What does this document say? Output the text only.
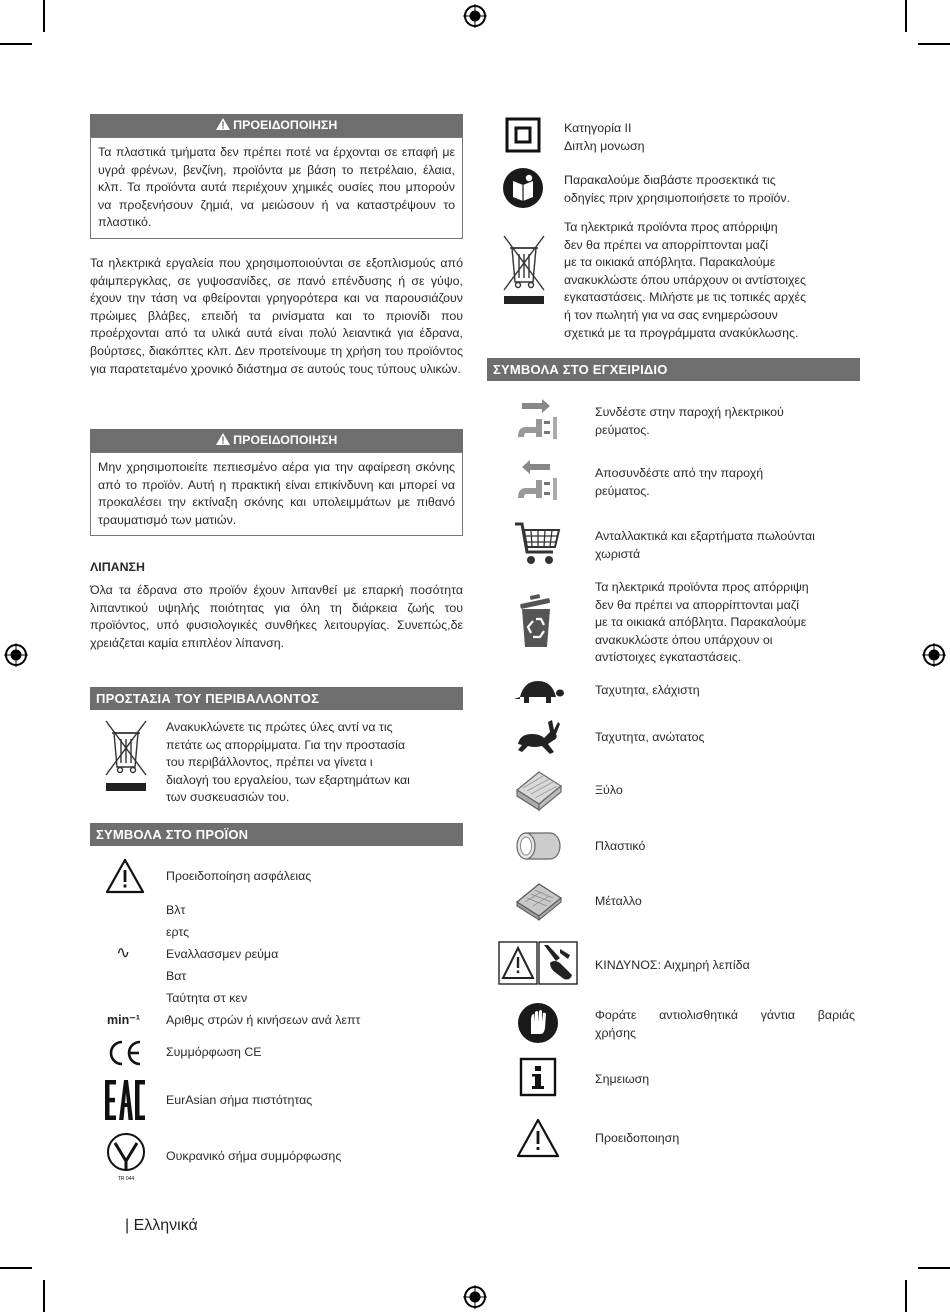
ΠΡΟΕΙΔΟΠΟΙΗΣΗ
Τα πλαστικά τμήματα δεν πρέπει ποτέ να έρχονται σε επαφή με υγρά φρένων, βενζίνη, προϊόντα με βάση το πετρέλαιο, έλαια, κλπ. Τα προϊόντα αυτά περιέχουν χημικές ουσίες που μπορούν να προξενήσουν ζημιά, να μειώσουν ή να καταστρέψουν το πλαστικό.
Τα ηλεκτρικά εργαλεία που χρησιμοποιούνται σε εξοπλισμούς από φάιμπεργκλας, σε γυψοσανίδες, σε πανό επένδυσης ή σε γύψο, έχουν την τάση να φθείρονται γρηγορότερα και να παρουσιάζουν πρώιμες βλάβες, επειδή τα ρινίσματα και το πριονίδι που προέρχονται από τα υλικά αυτά είναι πολύ λειαντικά για έδρανα, βούρτσες, διακόπτες κλπ. Δεν προτείνουμε τη χρήση του προϊόντος για παρατεταμένο χρονικό διάστημα σε αυτούς τους τύπους υλικών.
ΠΡΟΕΙΔΟΠΟΙΗΣΗ
Μην χρησιμοποιείτε πεπιεσμένο αέρα για την αφαίρεση σκόνης από το προϊόν. Αυτή η πρακτική είναι επικίνδυνη και μπορεί να προκαλέσει την εκτίναξη σκόνης και υπολειμμάτων με πιθανό τραυματισμό των ματιών.
ΛΙΠΑΝΣΗ
Όλα τα έδρανα στο προϊόν έχουν λιπανθεί με επαρκή ποσότητα λιπαντικού υψηλής ποιότητας για όλη τη διάρκεια ζωής του προϊόντος, υπό φυσιολογικές συνθήκες λειτουργίας. Συνεπώς,δε χρειάζεται καμία επιπλέον λίπανση.
ΠΡΟΣΤΑΣΙΑ ΤΟΥ ΠΕΡΙΒΑΛΛΟΝΤΟΣ
Ανακυκλώνετε τις πρώτες ύλες αντί να τις
πετάτε ως απορρίμματα. Για την προστασία
του περιβάλλοντος, πρέπει να γίνετα ι
διαλογή του εργαλείου, των εξαρτημάτων και
των συσκευασιών του.
ΣΥΜΒΟΛΑ ΣΤΟ ΠΡΟΪΟΝ
Προειδοποίηση ασφάλειας
Βλτ
ερτς
∿	Εναλλασσμεν ρεύμα
Βατ
Ταύτητα στ κεν
min⁻¹ Αριθμς στρών ή κινήσεων ανά λεπτ
Συμμόρφωση CE
EurAsian σήμα πιστότητας
TR 044
Ουκρανικό σήμα συμμόρφωσης
| Ελληνικά
Κατηγορία II
Διπλη μονωση
Παρακαλούμε διαβάστε προσεκτικά τις
οδηγίες πριν χρησιμοποιήσετε το προϊόν.
Τα ηλεκτρικά προϊόντα προς απόρριψη
δεν θα πρέπει να απορρίπτονται μαζί
με τα οικιακά απόβλητα. Παρακαλούμε
ανακυκλώστε όπου υπάρχουν οι αντίστοιχες
εγκαταστάσεις. Μιλήστε με τις τοπικές αρχές
ή τον πωλητή για να σας ενημερώσουν
σχετικά με τα προγράμματα ανακύκλωσης.
ΣΥΜΒΟΛΑ ΣΤΟ ΕΓΧΕΙΡΙΔΙΟ
Συνδέστε στην παροχή ηλεκτρικού
ρεύματος.
Αποσυνδέστε από την παροχή
ρεύματος.
Ανταλλακτικά και εξαρτήματα πωλούνται
χωριστά
Τα ηλεκτρικά προϊόντα προς απόρριψη
δεν θα πρέπει να απορρίπτονται μαζί
με τα οικιακά απόβλητα. Παρακαλούμε
ανακυκλώστε όπου υπάρχουν οι
αντίστοιχες εγκαταστάσεις.
Ταχυτητα, ελάχιστη
Ταχυτητα, ανώτατος
Ξύλο
Πλαστικό
Μέταλλο
ΚΙΝΔΥΝΟΣ: Αιχμηρή λεπίδα
Φοράτε αντιολισθητικά γάντια βαριάς
χρήσης
Σημειωση
Προειδοποιηση
